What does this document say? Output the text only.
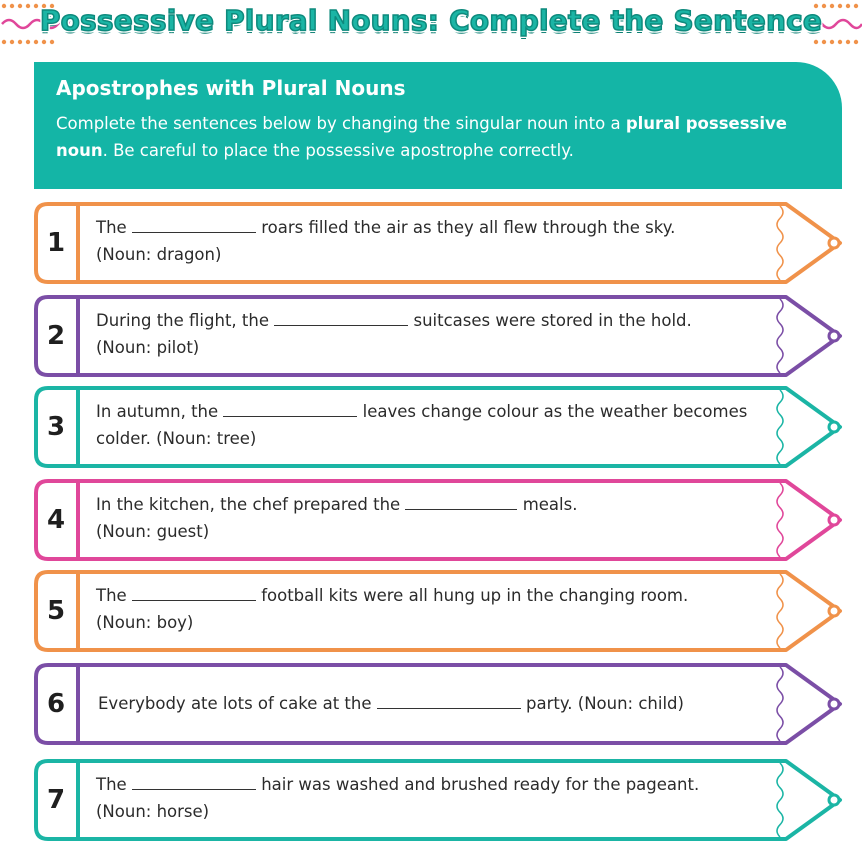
Possessive Plural Nouns: Complete the Sentence
Apostrophes with Plural Nouns

Complete the sentences below by changing the singular noun into a plural possessive noun. Be careful to place the possessive apostrophe correctly.

1
The	roars filled the air as they all flew through the sky.
(Noun: dragon)
2
During the flight, the	suitcases were stored in the hold.
(Noun: pilot)
3
In autumn, the	leaves change colour as the weather becomes
colder. (Noun: tree)
4
In the kitchen, the chef prepared the	meals.
(Noun: guest)
5
The	football kits were all hung up in the changing room.
(Noun: boy)
6	Everybody ate lots of cake at the	party. (Noun: child)
7
The	hair was washed and brushed ready for the pageant.
(Noun: horse)
